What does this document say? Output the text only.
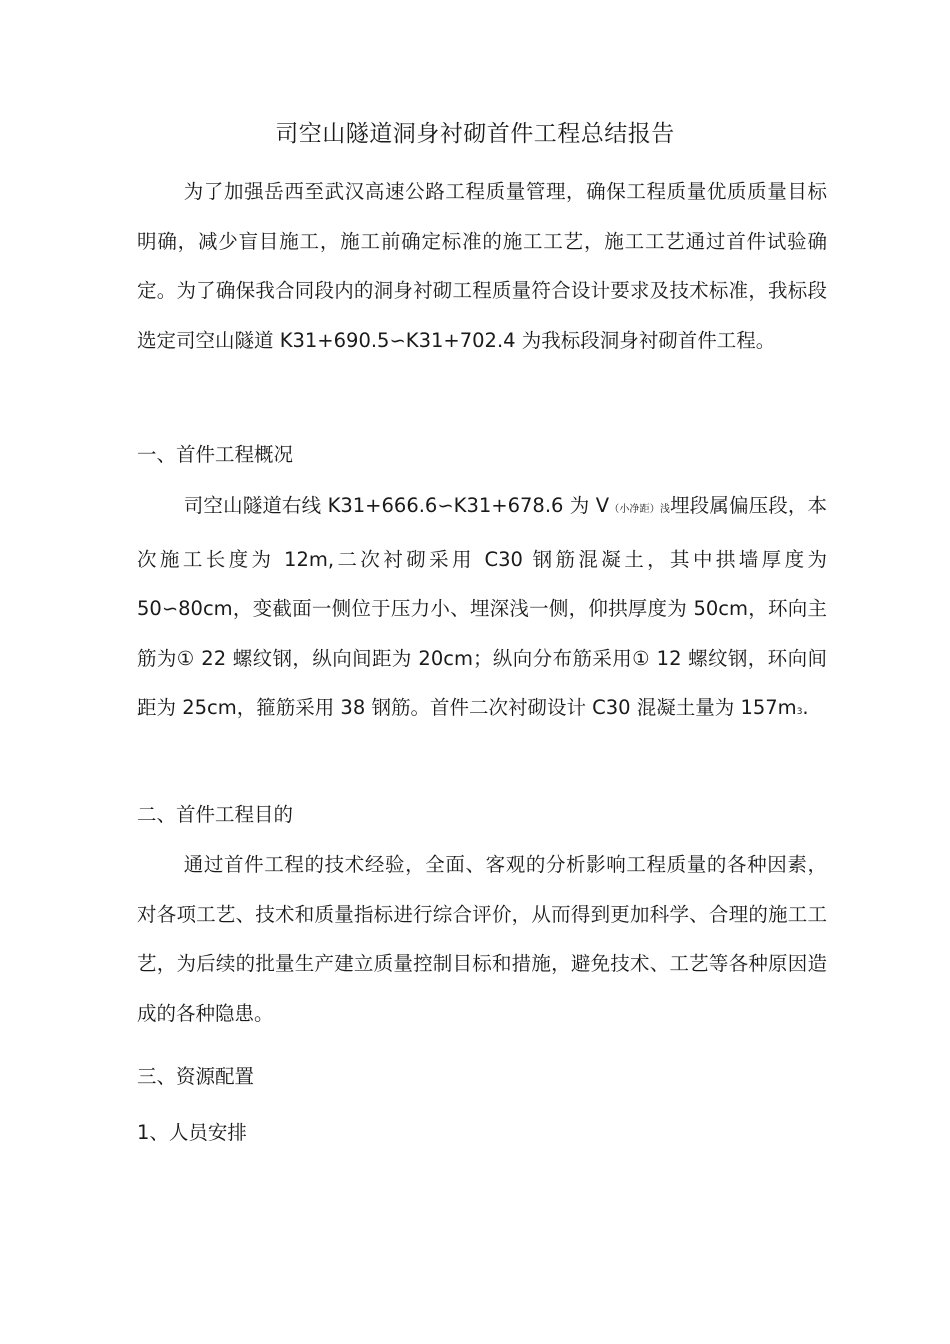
司空山隧道洞身衬砌首件工程总结报告

为了加强岳西至武汉高速公路工程质量管理，确保工程质量优质质量目标明确，减少盲目施工，施工前确定标准的施工工艺，施工工艺通过首件试验确定。为了确保我合同段内的洞身衬砌工程质量符合设计要求及技术标准，我标段选定司空山隧道 K31+690.5∽K31+702.4 为我标段洞身衬砌首件工程。

一、首件工程概况

司空山隧道右线 K31+666.6∽K31+678.6 为 V（小净距）浅埋段属偏压段，本次施工长度为 12m,二次衬砌采用 C30 钢筋混凝土，其中拱墙厚度为 50∽80cm，变截面一侧位于压力小、埋深浅一侧，仰拱厚度为 50cm，环向主筋为① 22 螺纹钢，纵向间距为 20cm；纵向分布筋采用① 12 螺纹钢，环向间距为 25cm，箍筋采用 38 钢筋。首件二次衬砌设计 C30 混凝土量为 157m3.

二、首件工程目的

通过首件工程的技术经验，全面、客观的分析影响工程质量的各种因素，对各项工艺、技术和质量指标进行综合评价，从而得到更加科学、合理的施工工艺，为后续的批量生产建立质量控制目标和措施，避免技术、工艺等各种原因造成的各种隐患。

三、资源配置
1、人员安排
